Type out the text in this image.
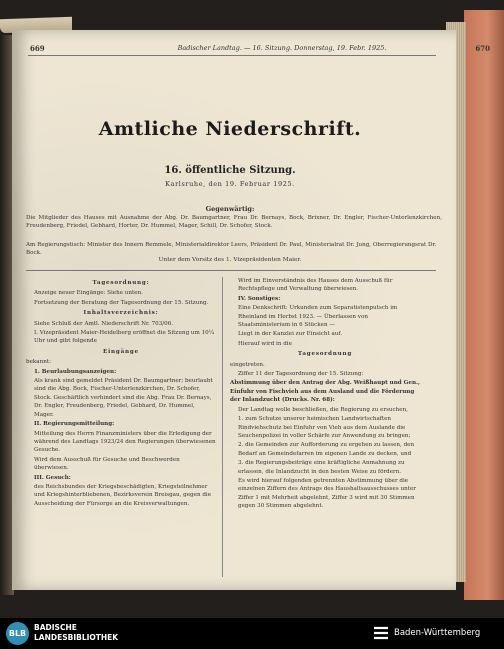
669	Badischer Landtag. — 16. Sitzung. Donnerstag, 19. Febr. 1925.	670
Amtliche Niederschrift.
16. öffentliche Sitzung.
Karlsruhe, den 19. Februar 1925.
Gegenwärtig:
Die Mitglieder des Hauses mit Ausnahme der Abg. Dr. Baumgartner, Frau Dr. Bernays, Bock, Brixner, Dr. Engler, Fischer-Unterlenzkirchen, Freudenberg, Friedel, Gebhard, Horter, Dr. Hummel, Mager, Schill, Dr. Schofer, Stock.
Am Regierungstisch: Minister des Innern Remmele, Ministerialdirektor Leers, Präsident Dr. Paul, Ministerialrat Dr. Jung, Oberregierungsrat Dr. Bock.
Unter dem Vorsitz des 1. Vizepräsidenten Maier.

Tagesordnung:

Anzeige neuer Eingänge: Siehe unten.

Fortsetzung der Beratung der Tagesordnung der 15. Sitzung.

Inhaltsverzeichnis:

Siehe Schluß der Amtl. Niederschrift Nr. 703/06.

I. Vizepräsident Maier-Heidelberg eröffnet die Sitzung um 10¼ Uhr und gibt folgende

Eingänge

bekannt:

1. Beurlaubungsanzeigen:

Als krank sind gemeldet Präsident Dr. Baumgartner; beurlaubt sind die Abg. Bock, Fischer-Unterlenzkirchen, Dr. Schofer, Stock. Geschäftlich verhindert sind die Abg. Frau Dr. Bernays, Dr. Engler, Freudenberg, Friedel, Gebhard, Dr. Hummel, Mager.

II. Regierungsmitteilung:

Mitteilung des Herrn Finanzministers über die Erledigung der während des Landtags 1923/24 den Regierungen überwiesenen Gesuche.

Wird dem Ausschuß für Gesuche und Beschwerden überwiesen.

III. Gesuch:

des Reichsbundes der Kriegsbeschädigten, Kriegsteilnehmer und Kriegshinterbliebenen, Bezirksverein Breisgau, gegen die Ausscheidung der Fürsorge an die Kreisverwaltungen.

Wird im Einverständnis des Hauses dem Ausschuß für Rechtspflege und Verwaltung überwiesen.

IV. Sonstiges:

Eine Denkschrift: Urkunden zum Separatistenputsch im Rheinland im Herbst 1923. — Überlassen von Staatsministerium in 6 Stücken —

Liegt in der Kanzlei zur Einsicht auf.

Hierauf wird in die

Tagesordnung

eingetreten.

Ziffer 11 der Tagesordnung der 15. Sitzung:

Abstimmung über den Antrag der Abg. Weißhaupt und Gen., Einfuhr von Fischvieh aus dem Ausland und die Förderung der Inlandzucht (Drucks. Nr. 68):

Der Landtag wolle beschließen, die Regierung zu ersuchen,

1. zum Schutze unserer heimischen Landwirtschaften Rindviehschutz bei Einfuhr von Vieh aus dem Auslande die Seuchenpolizei in voller Schärfe zur Anwendung zu bringen;

2. die Gemeinden zur Aufforderung zu ergehen zu lassen, den Bedarf an Gemeindefarren im eigenen Lande zu decken, und

3. die Regierungsbeiträge eine kräftigliche Anmahnung zu erlassen, die Inlandzucht in den besten Weise zu fördern.

Es wird hierauf folgenden getrennten Abstimmung über die einzelnen Ziffern des Antrags des Haushaltsausschusses unter Ziffer 1 mit Mehrheit abgelehnt, Ziffer 3 wird mit 30 Stimmen gegen 30 Stimmen abgelehnt.

BLB
BADISCHE
LANDESBIBLIOTHEK	Baden-Württemberg
